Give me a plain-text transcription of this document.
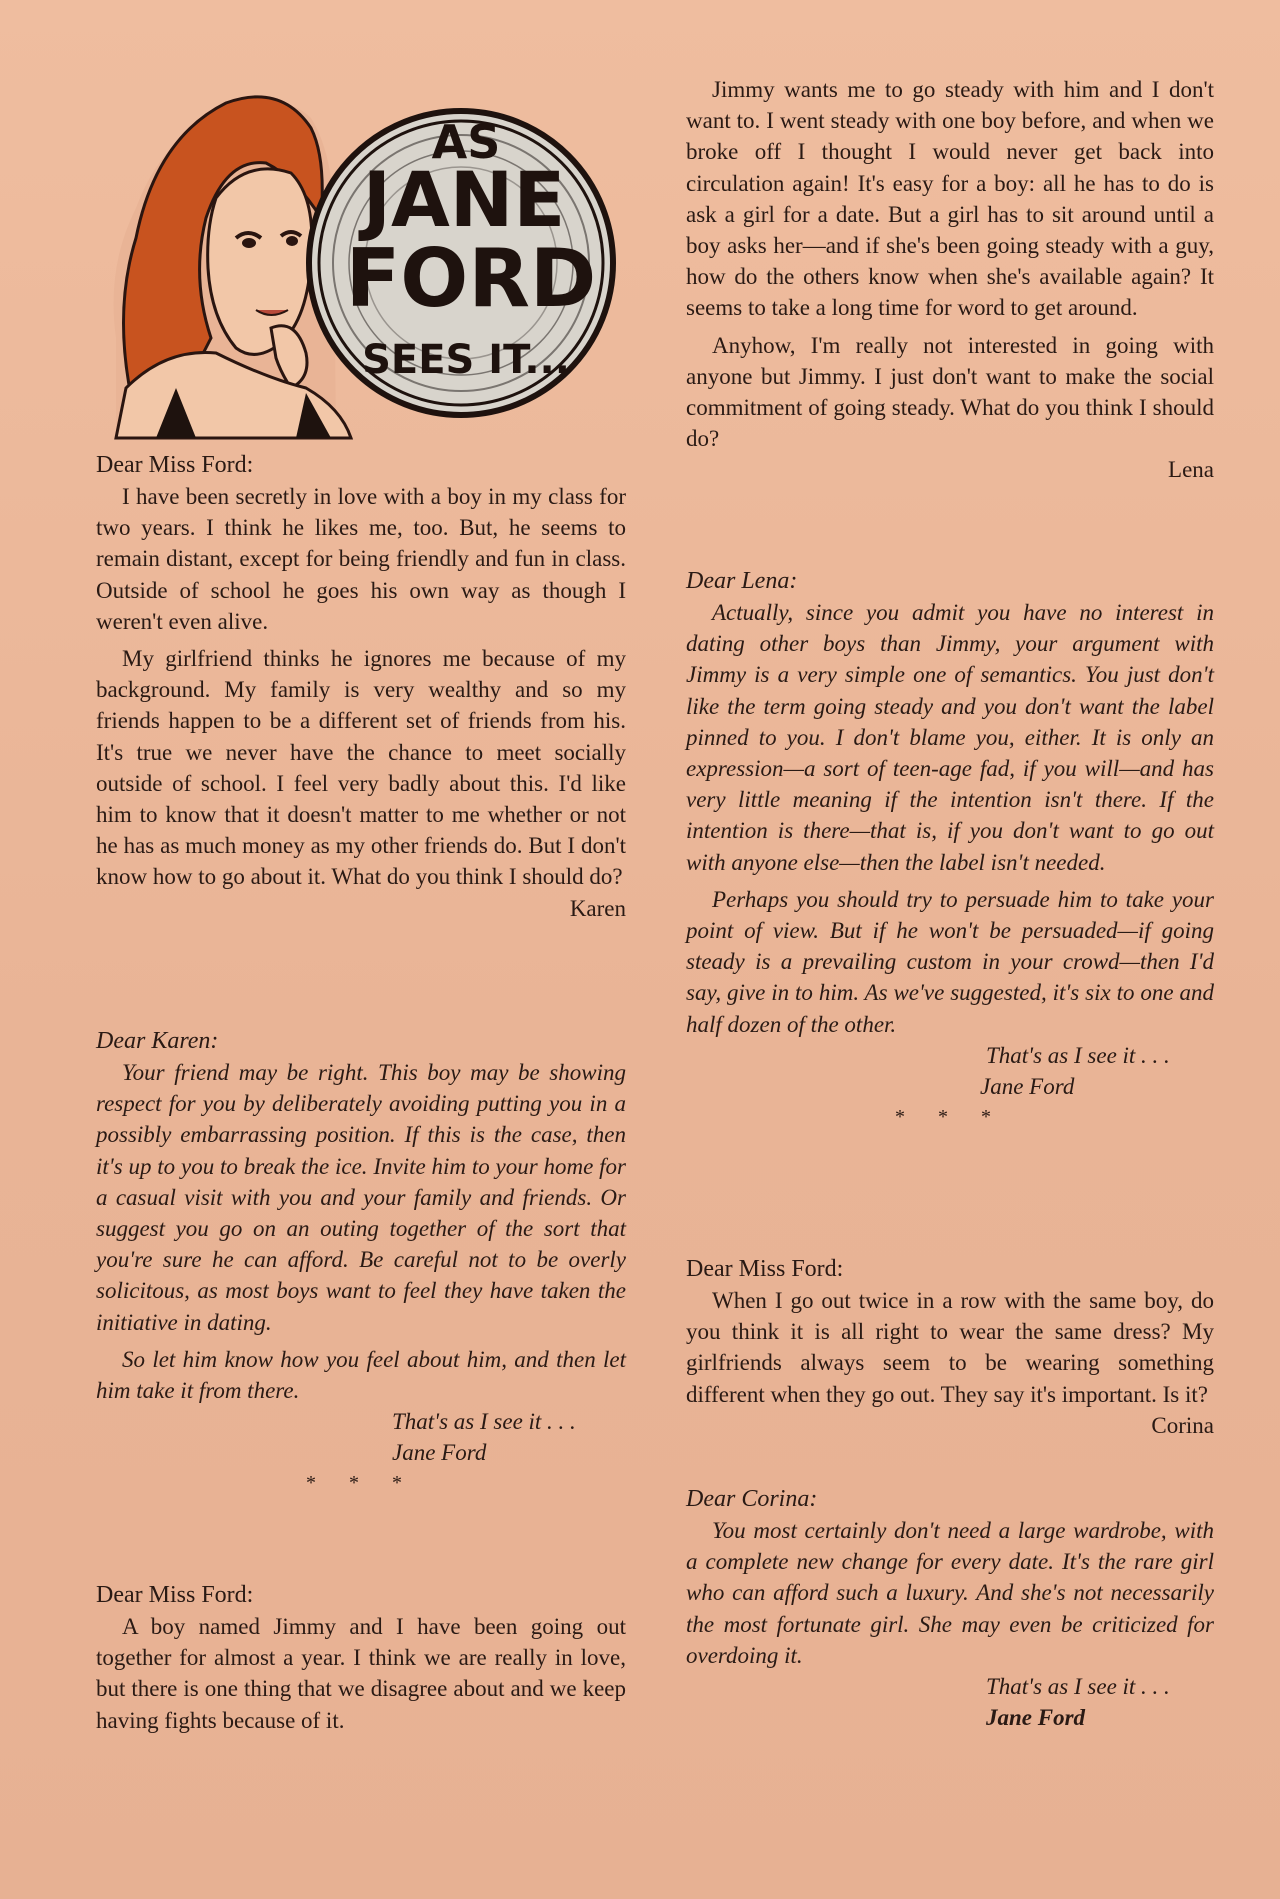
AS
JANE
FORD
SEES IT...

Dear Miss Ford:

I have been secretly in love with a boy in my class for two years. I think he likes me, too. But, he seems to remain distant, except for being friendly and fun in class. Outside of school he goes his own way as though I weren't even alive.

My girlfriend thinks he ignores me because of my background. My family is very wealthy and so my friends happen to be a different set of friends from his. It's true we never have the chance to meet socially outside of school. I feel very badly about this. I'd like him to know that it doesn't matter to me whether or not he has as much money as my other friends do. But I don't know how to go about it. What do you think I should do?

Karen

Dear Karen:

Your friend may be right. This boy may be showing respect for you by deliberately avoiding putting you in a possibly embarrassing position. If this is the case, then it's up to you to break the ice. Invite him to your home for a casual visit with you and your family and friends. Or suggest you go on an outing together of the sort that you're sure he can afford. Be careful not to be overly solicitous, as most boys want to feel they have taken the initiative in dating.

So let him know how you feel about him, and then let him take it from there.

That's as I see it . . .
Jane Ford
* * *

Dear Miss Ford:

A boy named Jimmy and I have been going out together for almost a year. I think we are really in love, but there is one thing that we disagree about and we keep having fights because of it.

Jimmy wants me to go steady with him and I don't want to. I went steady with one boy before, and when we broke off I thought I would never get back into circulation again! It's easy for a boy: all he has to do is ask a girl for a date. But a girl has to sit around until a boy asks her—and if she's been going steady with a guy, how do the others know when she's available again? It seems to take a long time for word to get around.

Anyhow, I'm really not interested in going with anyone but Jimmy. I just don't want to make the social commitment of going steady. What do you think I should do?

Lena

Dear Lena:

Actually, since you admit you have no interest in dating other boys than Jimmy, your argument with Jimmy is a very simple one of semantics. You just don't like the term going steady and you don't want the label pinned to you. I don't blame you, either. It is only an expression—a sort of teen-age fad, if you will—and has very little meaning if the intention isn't there. If the intention is there—that is, if you don't want to go out with anyone else—then the label isn't needed.

Perhaps you should try to persuade him to take your point of view. But if he won't be persuaded—if going steady is a prevailing custom in your crowd—then I'd say, give in to him. As we've suggested, it's six to one and half dozen of the other.

That's as I see it . . .
Jane Ford
* * *

Dear Miss Ford:

When I go out twice in a row with the same boy, do you think it is all right to wear the same dress? My girlfriends always seem to be wearing something different when they go out. They say it's important. Is it?

Corina

Dear Corina:

You most certainly don't need a large wardrobe, with a complete new change for every date. It's the rare girl who can afford such a luxury. And she's not necessarily the most fortunate girl. She may even be criticized for overdoing it.

That's as I see it . . .
Jane Ford
